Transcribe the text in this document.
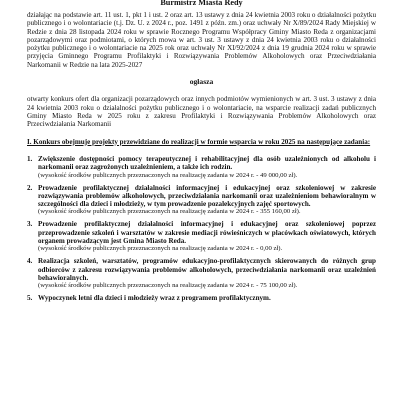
Burmistrz Miasta Redy

działając na podstawie art. 11 ust. 1, pkt 1 i ust. 2 oraz art. 13 ustawy z dnia 24 kwietnia 2003 roku o działalności pożytku publicznego i o wolontariacie (t.j. Dz. U. z 2024 r., poz. 1491 z późn. zm.) oraz uchwały Nr X/89/2024 Rady Miejskiej w Redzie z dnia 28 listopada 2024 roku w sprawie Rocznego Programu Współpracy Gminy Miasto Reda z organizacjami pozarządowymi oraz podmiotami, o których mowa w art. 3 ust. 3 ustawy z dnia 24 kwietnia 2003 roku o działalności pożytku publicznego i o wolontariacie na 2025 rok oraz uchwały Nr XI/92/2024 z dnia 19 grudnia 2024 roku w sprawie przyjęcia Gminnego Programu Profilaktyki i Rozwiązywania Problemów Alkoholowych oraz Przeciwdziałania Narkomanii w Redzie na lata 2025-2027

ogłasza

otwarty konkurs ofert dla organizacji pozarządowych oraz innych podmiotów wymienionych w art. 3 ust. 3 ustawy z dnia 24 kwietnia 2003 roku o działalności pożytku publicznego i o wolontariacie, na wsparcie realizacji zadań publicznych Gminy Miasto Reda w 2025 roku z zakresu Profilaktyki i Rozwiązywania Problemów Alkoholowych oraz Przeciwdziałania Narkomanii

I. Konkurs obejmuje projekty przewidziane do realizacji w formie wsparcia w roku 2025 na następujące zadania:

1. Zwiększenie dostępności pomocy terapeutycznej i rehabilitacyjnej dla osób uzależnionych od alkoholu i narkomanii oraz zagrożonych uzależnieniem, a także ich rodzin.
(wysokość środków publicznych przeznaczonych na realizację zadania w 2024 r. - 49 000,00 zł).
2. Prowadzenie profilaktycznej działalności informacyjnej i edukacyjnej oraz szkoleniowej w zakresie rozwiązywania problemów alkoholowych, przeciwdziałania narkomanii oraz uzależnieniom behawioralnym w szczególności dla dzieci i młodzieży, w tym prowadzenie pozalekcyjnych zajęć sportowych.
(wysokość środków publicznych przeznaczonych na realizację zadania w 2024 r. - 355 160,00 zł).
3. Prowadzenie profilaktycznej działalności informacyjnej i edukacyjnej oraz szkoleniowej poprzez przeprowadzenie szkoleń i warsztatów w zakresie mediacji rówieśniczych w placówkach oświatowych, których organem prowadzącym jest Gmina Miasto Reda.
(wysokość środków publicznych przeznaczonych na realizację zadania w 2024 r. - 0,00 zł).
4. Realizacja szkoleń, warsztatów, programów edukacyjno-profilaktycznych skierowanych do różnych grup odbiorców z zakresu rozwiązywania problemów alkoholowych, przeciwdziałania narkomanii oraz uzależnień behawioralnych.
(wysokość środków publicznych przeznaczonych na realizację zadania w 2024 r. - 75 100,00 zł).
5. Wypoczynek letni dla dzieci i młodzieży wraz z programem profilaktycznym.
